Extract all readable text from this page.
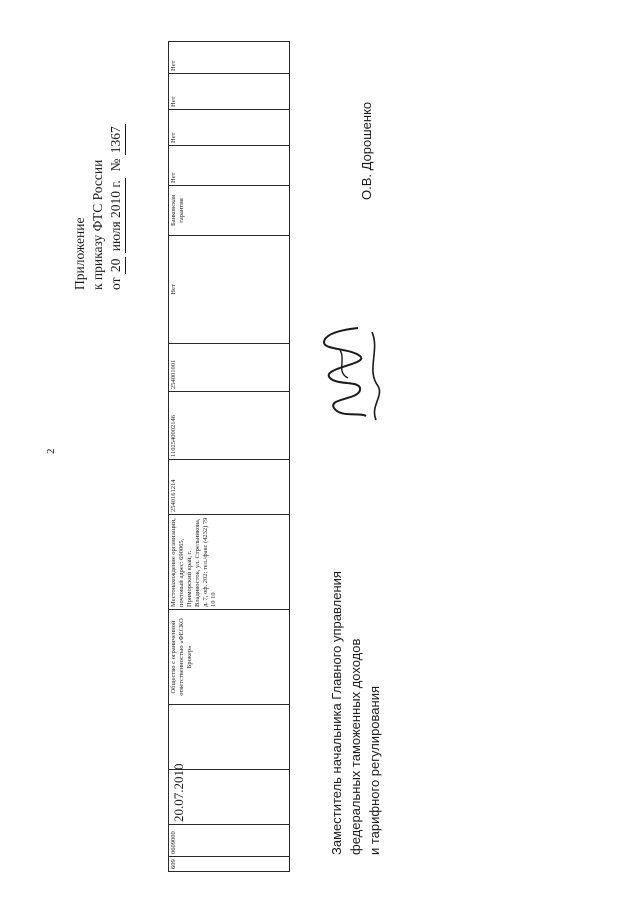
2
Приложение к приказу ФТС России от 20 июля 2010 г.  № 1367
609	0609000	20.07.2010		Общество с ограниченной ответственностью «ФЕСКО Брокер»	Местонахождение организации, почтовый адрес: 690065, Приморский край, г. Владивосток, ул. Стрельникова, д. 7, оф. 202; тел./факс (4232) 79 10 10	2540161214	1102540002146	254001001	Нет	Банковская гарантия	Нет	Нет	Нет	Нет
О.В. Дорошенко
Заместитель начальника Главного управления федеральных таможенных доходов и тарифного регулирования
